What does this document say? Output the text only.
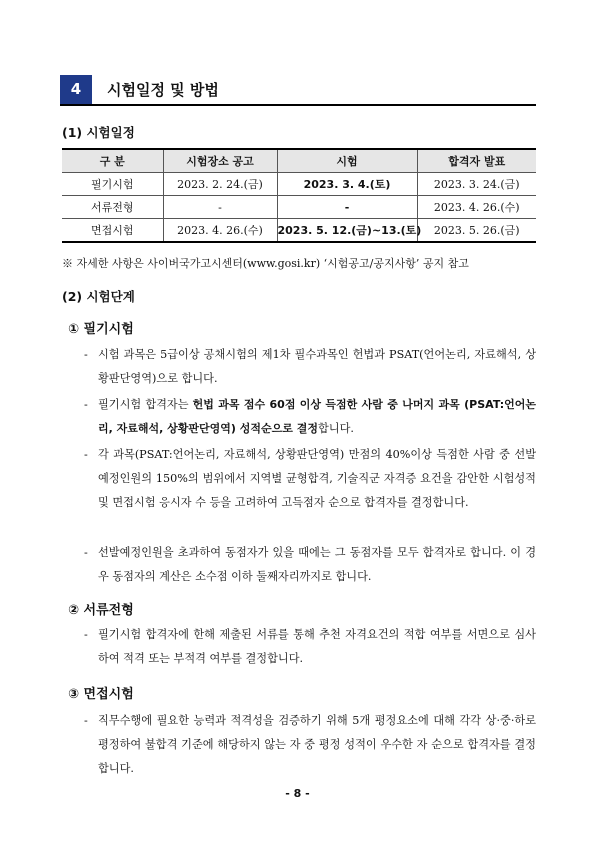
4	시험일정 및 방법
(1) 시험일정
구 분	시험장소 공고	시험	합격자 발표
필기시험	2023. 2. 24.(금)	2023. 3. 4.(토)	2023. 3. 24.(금)
서류전형	-	-	2023. 4. 26.(수)
면접시험	2023. 4. 26.(수)	2023. 5. 12.(금)~13.(토)	2023. 5. 26.(금)
※ 자세한 사항은 사이버국가고시센터(www.gosi.kr) ‘시험공고/공지사항’ 공지 참고
(2) 시험단계
① 필기시험
- 시험 과목은 5급이상 공채시험의 제1차 필수과목인 헌법과 PSAT(언어논리, 자료해석, 상황판단영역)으로 합니다.
- 필기시험 합격자는 헌법 과목 점수 60점 이상 득점한 사람 중 나머지 과목 (PSAT:언어논리, 자료해석, 상황판단영역) 성적순으로 결정합니다.
- 각 과목(PSAT:언어논리, 자료해석, 상황판단영역) 만점의 40%이상 득점한 사람 중 선발예정인원의 150%의 범위에서 지역별 균형합격, 기술직군 자격증 요건을 감안한 시험성적 및 면접시험 응시자 수 등을 고려하여 고득점자 순으로 합격자를 결정합니다.
- 선발예정인원을 초과하여 동점자가 있을 때에는 그 동점자를 모두 합격자로 합니다. 이 경우 동점자의 계산은 소수점 이하 둘째자리까지로 합니다.
② 서류전형
- 필기시험 합격자에 한해 제출된 서류를 통해 추천 자격요건의 적합 여부를 서면으로 심사하여 적격 또는 부적격 여부를 결정합니다.
③ 면접시험
- 직무수행에 필요한 능력과 적격성을 검증하기 위해 5개 평정요소에 대해 각각 상·중·하로 평정하여 불합격 기준에 해당하지 않는 자 중 평정 성적이 우수한 자 순으로 합격자를 결정합니다.
- 8 -
